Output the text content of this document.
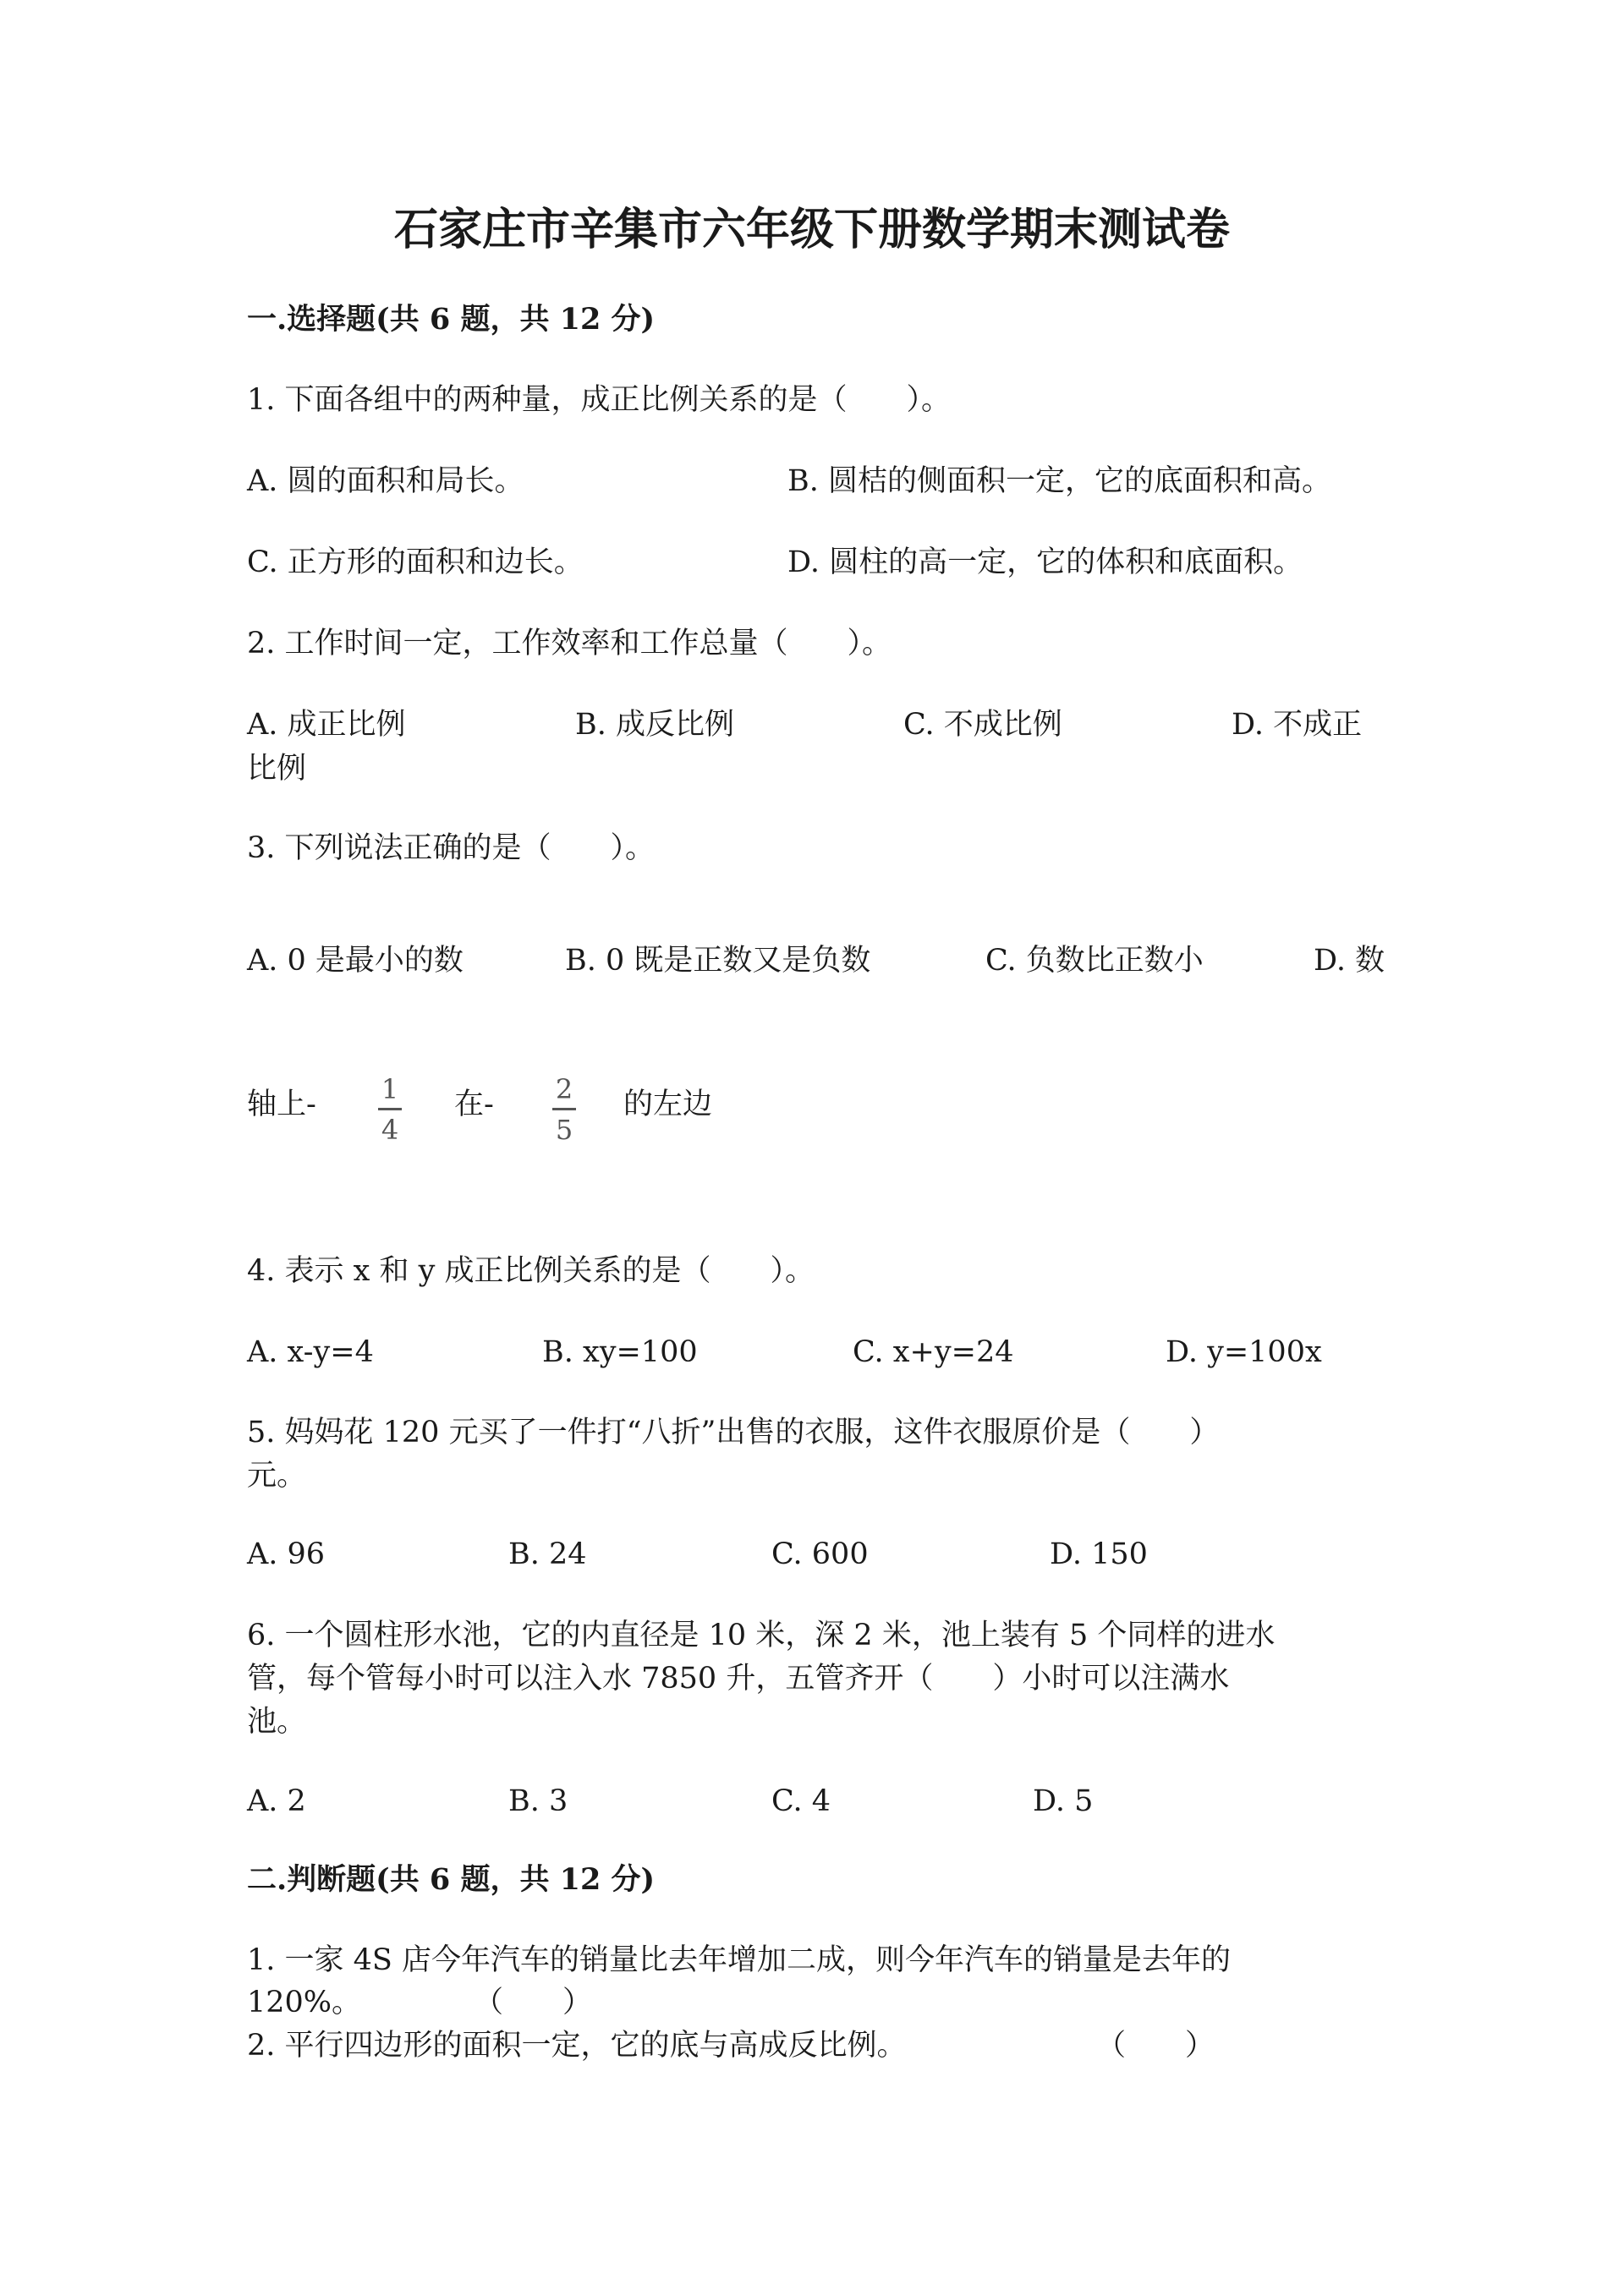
石家庄市辛集市六年级下册数学期末测试卷
一.选择题(共 6 题，共 12 分)
1. 下面各组中的两种量，成正比例关系的是（　　）。
A. 圆的面积和局长。	B. 圆桔的侧面积一定，它的底面积和高。
C. 正方形的面积和边长。	D. 圆柱的高一定，它的体积和底面积。
2. 工作时间一定，工作效率和工作总量（　　）。
A. 成正比例	B. 成反比例	C. 不成比例	D. 不成正
比例
3. 下列说法正确的是（　　）。
A. 0 是最小的数	B. 0 既是正数又是负数	C. 负数比正数小	D. 数
轴上-	1
4
在-	2
5
的左边
4. 表示 x 和 y 成正比例关系的是（　　）。
A. x-y=4	B. xy=100	C. x+y=24	D. y=100x
5. 妈妈花 120 元买了一件打“八折”出售的衣服，这件衣服原价是（　　）
元。
A. 96	B. 24	C. 600	D. 150
6. 一个圆柱形水池，它的内直径是 10 米，深 2 米，池上装有 5 个同样的进水
管，每个管每小时可以注入水 7850 升，五管齐开（　　）小时可以注满水
池。
A. 2	B. 3	C. 4	D. 5
二.判断题(共 6 题，共 12 分)
1. 一家 4S 店今年汽车的销量比去年增加二成，则今年汽车的销量是去年的
120%。	（　　）
2. 平行四边形的面积一定，它的底与高成反比例。	（　　）
